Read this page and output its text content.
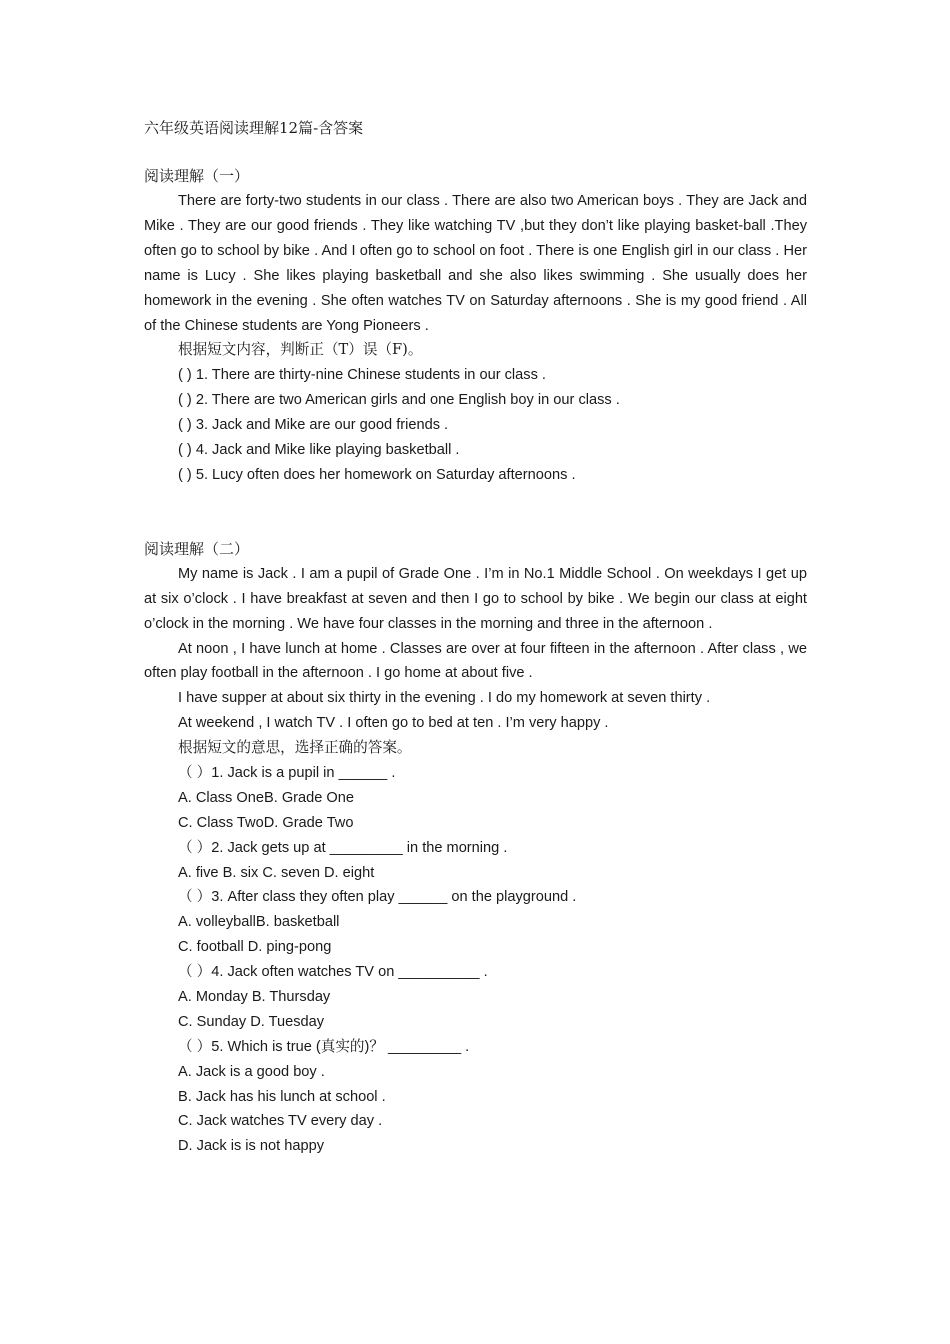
六年级英语阅读理解12篇-含答案
阅读理解（一）

There are forty-two students in our class . There are also two American boys . They are Jack and Mike . They are our good friends . They like watching TV ,but they don’t like playing basket-ball .They often go to school by bike . And I often go to school on foot . There is one English girl in our class . Her name is Lucy . She likes playing basketball and she also likes swimming . She usually does her homework in the evening . She often watches TV on Saturday afternoons . She is my good friend . All of the Chinese students are Yong Pioneers .

根据短文内容，判断正（T）误（F)。
( ) 1. There are thirty-nine Chinese students in our class .
( ) 2. There are two American girls and one English boy in our class .
( ) 3. Jack and Mike are our good friends .
( ) 4. Jack and Mike like playing basketball .
( ) 5. Lucy often does her homework on Saturday afternoons .
阅读理解（二）

My name is Jack . I am a pupil of Grade One . I’m in No.1 Middle School . On weekdays I get up at six o’clock . I have breakfast at seven and then I go to school by bike . We begin our class at eight o’clock in the morning . We have four classes in the morning and three in the afternoon .

At noon , I have lunch at home . Classes are over at four fifteen in the afternoon . After class , we often play football in the afternoon . I go home at about five .

I have supper at about six thirty in the evening . I do my homework at seven thirty .
At weekend , I watch TV . I often go to bed at ten . I’m very happy .
根据短文的意思，选择正确的答案。
（ ）1. Jack is a pupil in ______ .
A. Class OneB. Grade One
C. Class TwoD. Grade Two
（ ）2. Jack gets up at _________ in the morning .
A. five B. six C. seven D. eight
（ ）3. After class they often play ______ on the playground .
A. volleyballB. basketball
C. football D. ping-pong
（ ）4. Jack often watches TV on __________ .
A. Monday B. Thursday
C. Sunday D. Tuesday
（ ）5. Which is true (真实的)？ _________ .
A. Jack is a good boy .
B. Jack has his lunch at school .
C. Jack watches TV every day .
D. Jack is is not happy
